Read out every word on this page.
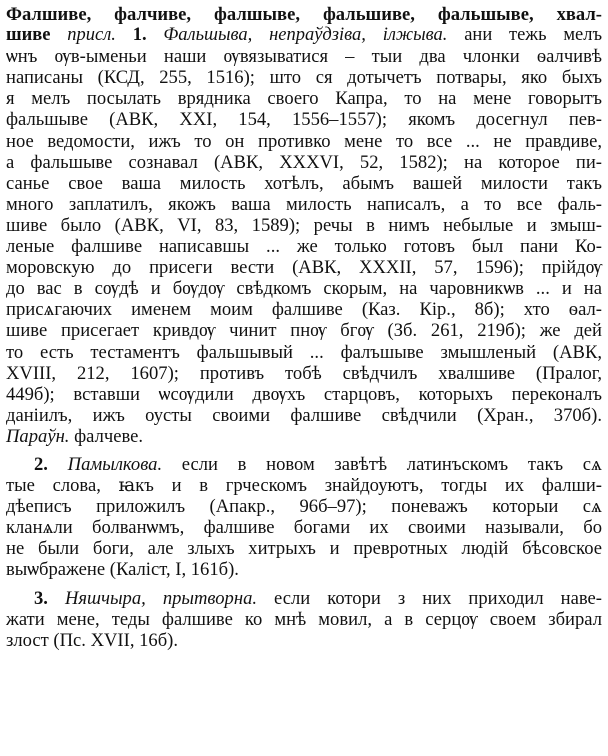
Фалшиве, фалчиве, фалшыве, фальшиве, фальшыве, хвал-
шиве присл. 1. Фальшыва, непраўдзіва, ілжыва. ани тежь мелъ
ѡнъ ѹв-ыменьи наши ѹвязыватися – тыи два члонки ѳалчивѣ
написаны (КСД, 255, 1516); што ся дотычетъ потвары, яко быхъ
я мелъ посылать врядника своего Капра, то на мене говорытъ
фальшыве (АВК, XXI, 154, 1556–1557); якомъ досегнул пев-
ное ведомости, ижъ то он противко мене то все ... не правдиве,
а фальшыве сознавал (АВК, XXXVI, 52, 1582); на которое пи-
санье свое ваша милость хотѣлъ, абымъ вашей милости такъ
много заплатилъ, якожъ ваша милость написалъ, а то все фаль-
шиве было (АВК, VI, 83, 1589); речы в нимъ небылые и змыш-
леные фалшиве написавшы ... же только готовъ был пани Ко-
моровскую до присеги вести (АВК, XXXII, 57, 1596); прійдѹ
до вас в сѹдѣ и бѹдѹ свѣдкомъ скорым, на чаровникѡв ... и на
присѧгаючих именем моим фалшиве (Каз. Кір., 8б); хто ѳал-
шиве присегает кривдѹ чинит пнѹ бгѹ (Зб. 261, 219б); же дей
то есть тестаментъ фальшывый ... фалъшыве змышленый (АВК,
XVIII, 212, 1607); противъ тобѣ свѣдчилъ хвалшиве (Пралог,
449б); вставши ѡсѹдили двѹхъ старцовъ, которыхъ переконалъ
даніилъ, ижъ оусты своими фалшиве свѣдчили (Хран., 370б).
Параўн. фалчеве.
2. Памылкова. если в новом завѣтѣ латинъскомъ такъ сѧ
тые слова, ꙗкъ и в грческомъ знайдоуютъ, тогды их фалши-
дѣеписъ приложилъ (Апакр., 96б–97); поневажъ которыи сѧ
кланѧли болванѡмъ, фалшиве богами их своими называли, бо
не были боги, але злыхъ хитрыхъ и превротных людій бѣсовское
выѡбражене (Каліст, I, 161б).
3. Няшчыра, прытворна. если котори з них приходил наве-
жати мене, теды фалшиве ко мнѣ мовил, а в серцѹ своем збирал
злост (Пс. XVII, 16б).
